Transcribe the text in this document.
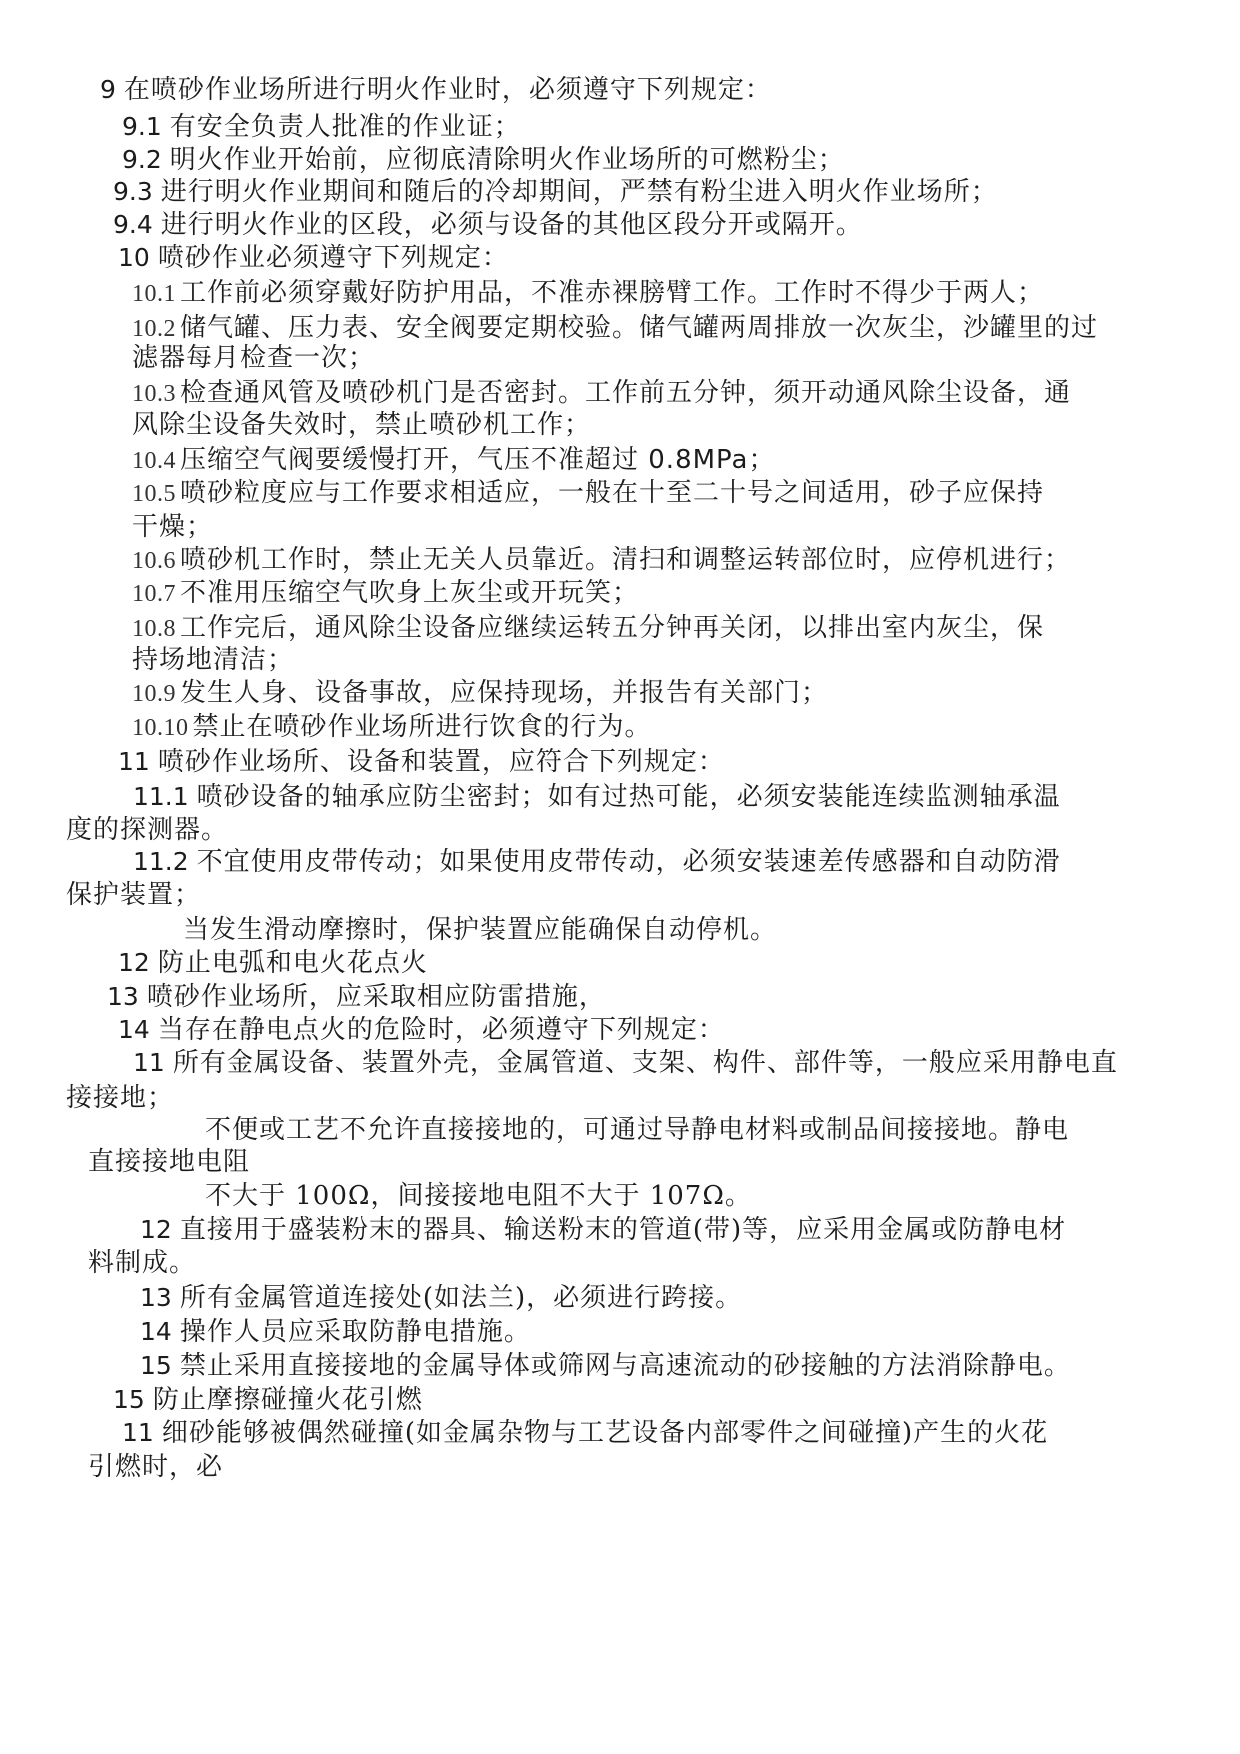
9 在喷砂作业场所进行明火作业时，必须遵守下列规定：
9.1 有安全负责人批准的作业证；
9.2 明火作业开始前，应彻底清除明火作业场所的可燃粉尘；
9.3 进行明火作业期间和随后的冷却期间，严禁有粉尘进入明火作业场所；
9.4 进行明火作业的区段，必须与设备的其他区段分开或隔开。
10 喷砂作业必须遵守下列规定：
10.1 工作前必须穿戴好防护用品，不准赤裸膀臂工作。工作时不得少于两人；
10.2 储气罐、压力表、安全阀要定期校验。储气罐两周排放一次灰尘，沙罐里的过
滤器每月检查一次；
10.3 检查通风管及喷砂机门是否密封。工作前五分钟，须开动通风除尘设备，通
风除尘设备失效时，禁止喷砂机工作；
10.4 压缩空气阀要缓慢打开，气压不准超过 0.8MPa；
10.5 喷砂粒度应与工作要求相适应，一般在十至二十号之间适用，砂子应保持
干燥；
10.6 喷砂机工作时，禁止无关人员靠近。清扫和调整运转部位时，应停机进行；
10.7 不准用压缩空气吹身上灰尘或开玩笑；
10.8 工作完后，通风除尘设备应继续运转五分钟再关闭，以排出室内灰尘，保
持场地清洁；
10.9 发生人身、设备事故，应保持现场，并报告有关部门；
10.10 禁止在喷砂作业场所进行饮食的行为。
11 喷砂作业场所、设备和装置，应符合下列规定：
11.1 喷砂设备的轴承应防尘密封；如有过热可能，必须安装能连续监测轴承温
度的探测器。
11.2 不宜使用皮带传动；如果使用皮带传动，必须安装速差传感器和自动防滑
保护装置；
当发生滑动摩擦时，保护装置应能确保自动停机。
12 防止电弧和电火花点火
13 喷砂作业场所，应采取相应防雷措施，
14 当存在静电点火的危险时，必须遵守下列规定：
11 所有金属设备、装置外壳，金属管道、支架、构件、部件等，一般应采用静电直
接接地；
不便或工艺不允许直接接地的，可通过导静电材料或制品间接接地。静电
直接接地电阻
不大于 100Ω，间接接地电阻不大于 107Ω。
12 直接用于盛装粉末的器具、输送粉末的管道(带)等，应采用金属或防静电材
料制成。
13 所有金属管道连接处(如法兰)，必须进行跨接。
14 操作人员应采取防静电措施。
15 禁止采用直接接地的金属导体或筛网与高速流动的砂接触的方法消除静电。
15 防止摩擦碰撞火花引燃
11 细砂能够被偶然碰撞(如金属杂物与工艺设备内部零件之间碰撞)产生的火花
引燃时，必
